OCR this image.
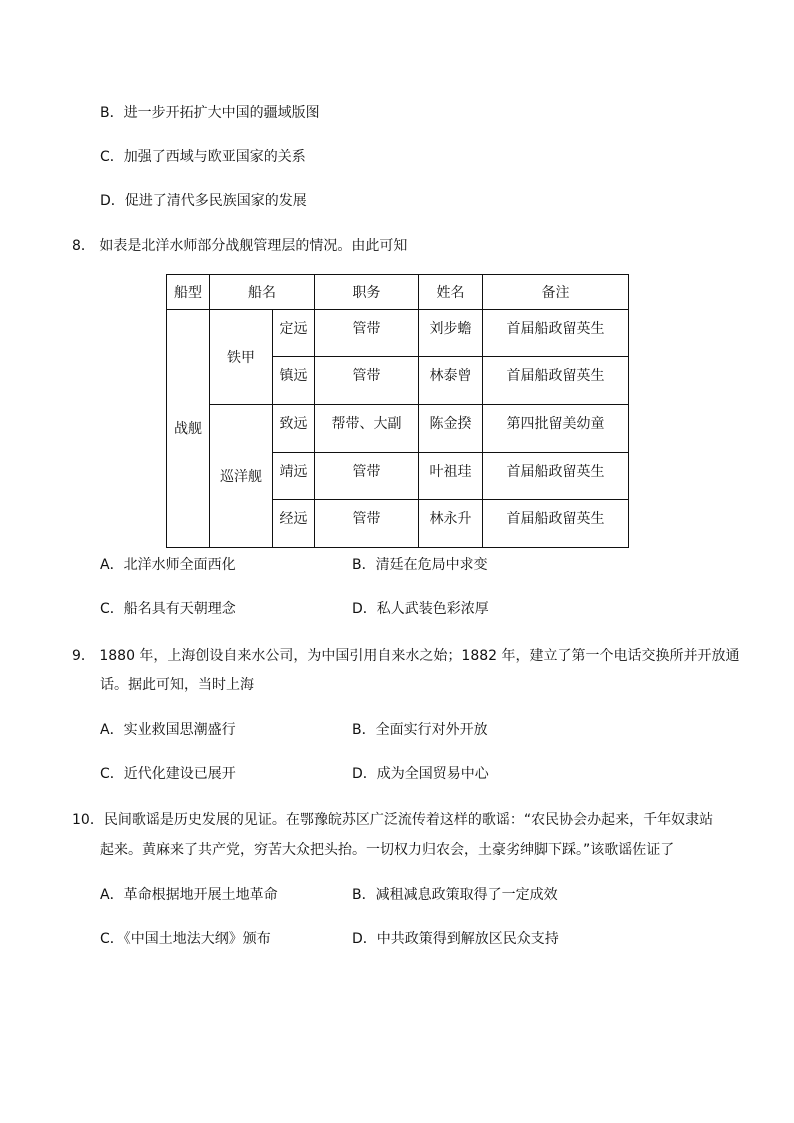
B．进一步开拓扩大中国的疆域版图
C．加强了西域与欧亚国家的关系
D．促进了清代多民族国家的发展
8． 如表是北洋水师部分战舰管理层的情况。由此可知
船型	船名		职务	姓名	备注
战舰	铁甲	定远	管带	刘步蟾	首届船政留英生
		镇远	管带	林泰曾	首届船政留英生
	巡洋舰	致远	帮带、大副	陈金揆	第四批留美幼童
		靖远	管带	叶祖珪	首届船政留英生
		经远	管带	林永升	首届船政留英生
A．北洋水师全面西化	B．清廷在危局中求变
C．船名具有天朝理念	D．私人武装色彩浓厚
9． 1880 年，上海创设自来水公司，为中国引用自来水之始；1882 年，建立了第一个电话交换所并开放通
话。据此可知，当时上海
A．实业救国思潮盛行	B．全面实行对外开放
C．近代化建设已展开	D．成为全国贸易中心
10．民间歌谣是历史发展的见证。在鄂豫皖苏区广泛流传着这样的歌谣：“农民协会办起来，千年奴隶站
起来。黄麻来了共产党，穷苦大众把头抬。一切权力归农会，土豪劣绅脚下踩。”该歌谣佐证了
A．革命根据地开展土地革命	B．减租减息政策取得了一定成效
C．《中国土地法大纲》颁布	D．中共政策得到解放区民众支持
